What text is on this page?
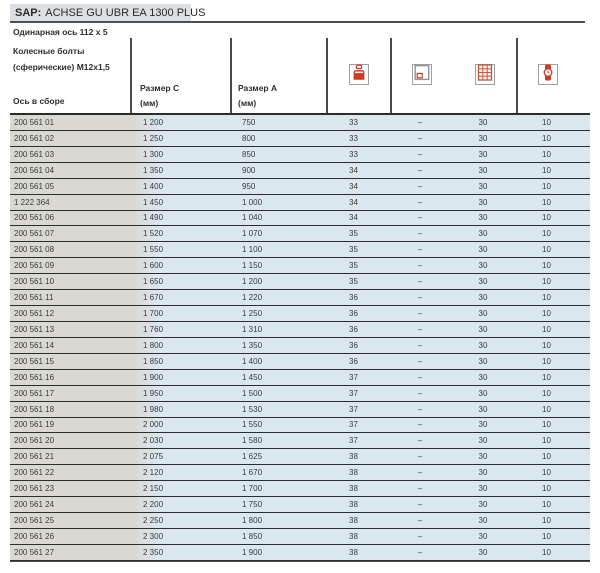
SAP: ACHSE GU UBR EA 1300 PLUS
Одинарная ось 112 x 5
Колесные болты
(сферические) M12x1,5
Ось в сборе
Размер C
(мм)
Размер A
(мм)
200 561 01	1 200	750	33	–	30	10
200 561 02	1 250	800	33	–	30	10
200 561 03	1 300	850	33	–	30	10
200 561 04	1 350	900	34	–	30	10
200 561 05	1 400	950	34	–	30	10
1 222 364	1 450	1 000	34	–	30	10
200 561 06	1 490	1 040	34	–	30	10
200 561 07	1 520	1 070	35	–	30	10
200 561 08	1 550	1 100	35	–	30	10
200 561 09	1 600	1 150	35	–	30	10
200 561 10	1 650	1 200	35	–	30	10
200 561 11	1 670	1 220	36	–	30	10
200 561 12	1 700	1 250	36	–	30	10
200 561 13	1 760	1 310	36	–	30	10
200 561 14	1 800	1 350	36	–	30	10
200 561 15	1 850	1 400	36	–	30	10
200 561 16	1 900	1 450	37	–	30	10
200 561 17	1 950	1 500	37	–	30	10
200 561 18	1 980	1 530	37	–	30	10
200 561 19	2 000	1 550	37	–	30	10
200 561 20	2 030	1 580	37	–	30	10
200 561 21	2 075	1 625	38	–	30	10
200 561 22	2 120	1 670	38	–	30	10
200 561 23	2 150	1 700	38	–	30	10
200 561 24	2 200	1 750	38	–	30	10
200 561 25	2 250	1 800	38	–	30	10
200 561 26	2 300	1 850	38	–	30	10
200 561 27	2 350	1 900	38	–	30	10
